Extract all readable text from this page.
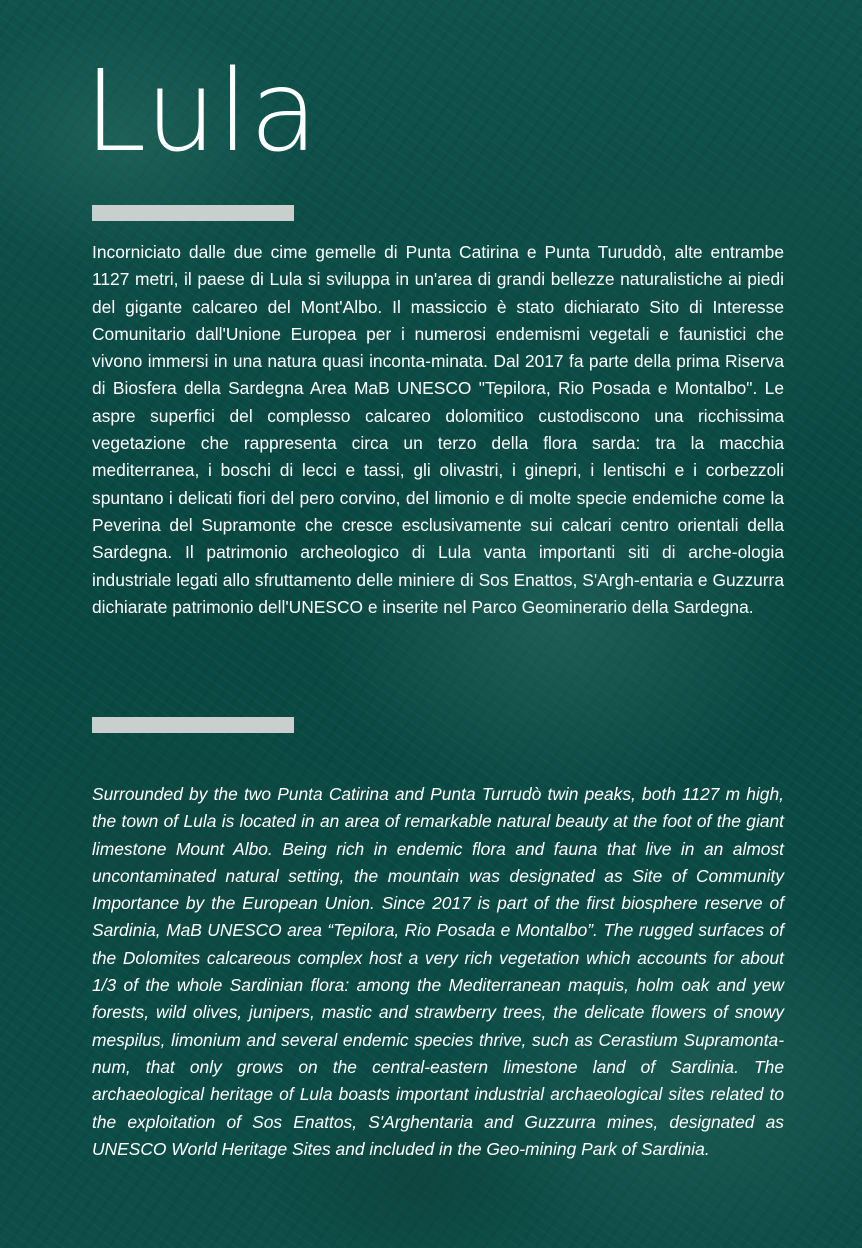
Lula

Incorniciato dalle due cime gemelle di Punta Catirina e Punta Turuddò, alte entrambe 1127 metri, il paese di Lula si sviluppa in un'area di grandi bellezze naturalistiche ai piedi del gigante calcareo del Mont'Albo. Il massiccio è stato dichiarato Sito di Interesse Comunitario dall'Unione Europea per i numerosi endemismi vegetali e faunistici che vivono immersi in una natura quasi inconta-minata. Dal 2017 fa parte della prima Riserva di Biosfera della Sardegna Area MaB UNESCO "Tepilora, Rio Posada e Montalbo". Le aspre superfici del complesso calcareo dolomitico custodiscono una ricchissima vegetazione che rappresenta circa un terzo della flora sarda: tra la macchia mediterranea, i boschi di lecci e tassi, gli olivastri, i ginepri, i lentischi e i corbezzoli spuntano i delicati fiori del pero corvino, del limonio e di molte specie endemiche come la Peverina del Supramonte che cresce esclusivamente sui calcari centro orientali della Sardegna. Il patrimonio archeologico di Lula vanta importanti siti di arche-ologia industriale legati allo sfruttamento delle miniere di Sos Enattos, S'Argh-entaria e Guzzurra dichiarate patrimonio dell'UNESCO e inserite nel Parco Geominerario della Sardegna.

Surrounded by the two Punta Catirina and Punta Turrudò twin peaks, both 1127 m high, the town of Lula is located in an area of remarkable natural beauty at the foot of the giant limestone Mount Albo. Being rich in endemic flora and fauna that live in an almost uncontaminated natural setting, the mountain was designated as Site of Community Importance by the European Union. Since 2017 is part of the first biosphere reserve of Sardinia, MaB UNESCO area “Tepilora, Rio Posada e Montalbo”. The rugged surfaces of the Dolomites calcareous complex host a very rich vegetation which accounts for about 1/3 of the whole Sardinian flora: among the Mediterranean maquis, holm oak and yew forests, wild olives, junipers, mastic and strawberry trees, the delicate flowers of snowy mespilus, limonium and several endemic species thrive, such as Cerastium Supramonta-num, that only grows on the central-eastern limestone land of Sardinia. The archaeological heritage of Lula boasts important industrial archaeological sites related to the exploitation of Sos Enattos, S'Arghentaria and Guzzurra mines, designated as UNESCO World Heritage Sites and included in the Geo-mining Park of Sardinia.
